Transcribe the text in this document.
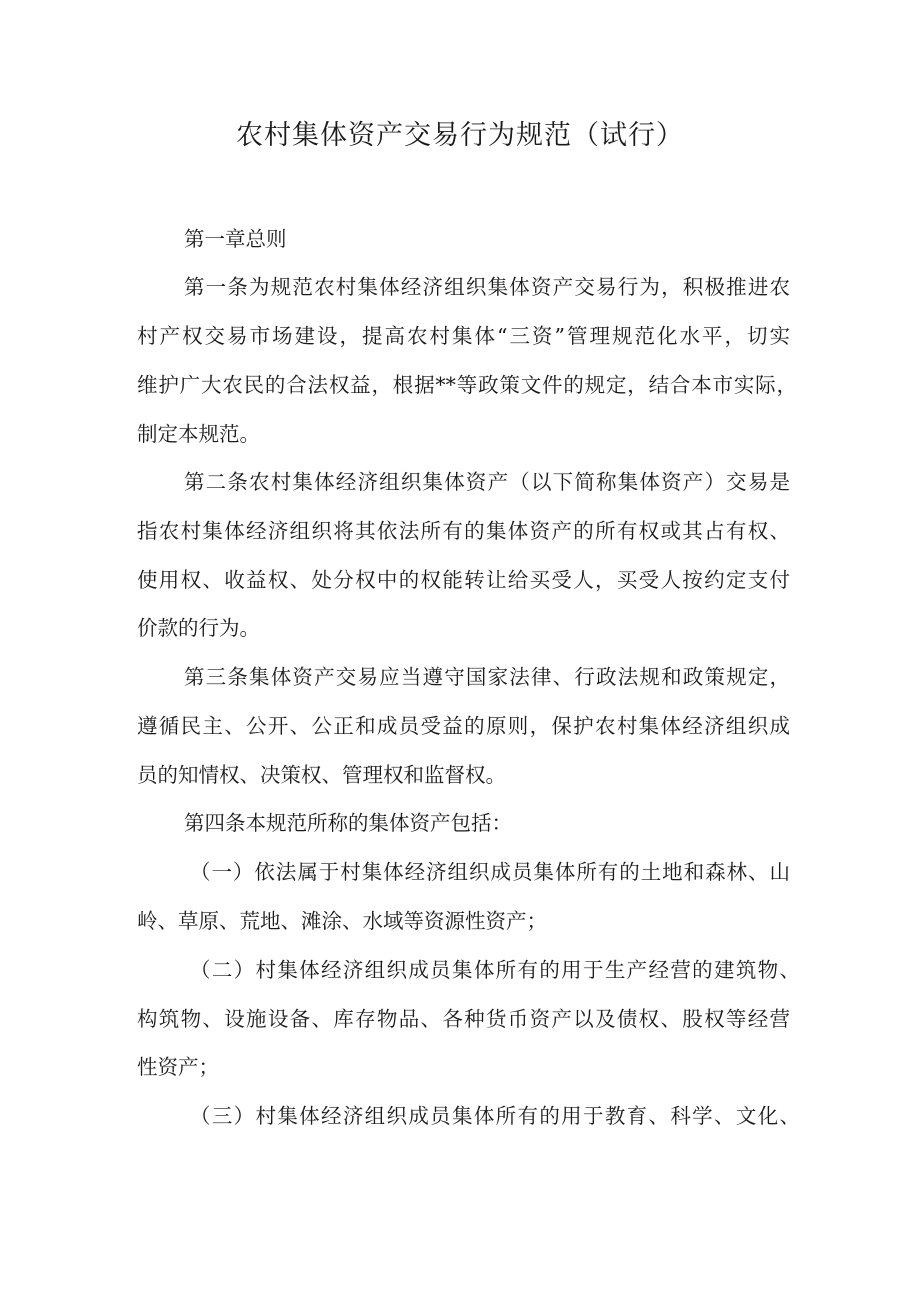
农村集体资产交易行为规范（试行）
第一章总则
第一条为规范农村集体经济组织集体资产交易行为，积极推进农
村产权交易市场建设，提高农村集体“三资”管理规范化水平，切实
维护广大农民的合法权益，根据**等政策文件的规定，结合本市实际，
制定本规范。
第二条农村集体经济组织集体资产（以下简称集体资产）交易是
指农村集体经济组织将其依法所有的集体资产的所有权或其占有权、
使用权、收益权、处分权中的权能转让给买受人，买受人按约定支付
价款的行为。
第三条集体资产交易应当遵守国家法律、行政法规和政策规定，
遵循民主、公开、公正和成员受益的原则，保护农村集体经济组织成
员的知情权、决策权、管理权和监督权。
第四条本规范所称的集体资产包括：
（一）依法属于村集体经济组织成员集体所有的土地和森林、山
岭、草原、荒地、滩涂、水域等资源性资产；
（二）村集体经济组织成员集体所有的用于生产经营的建筑物、
构筑物、设施设备、库存物品、各种货币资产以及债权、股权等经营
性资产；
（三）村集体经济组织成员集体所有的用于教育、科学、文化、
